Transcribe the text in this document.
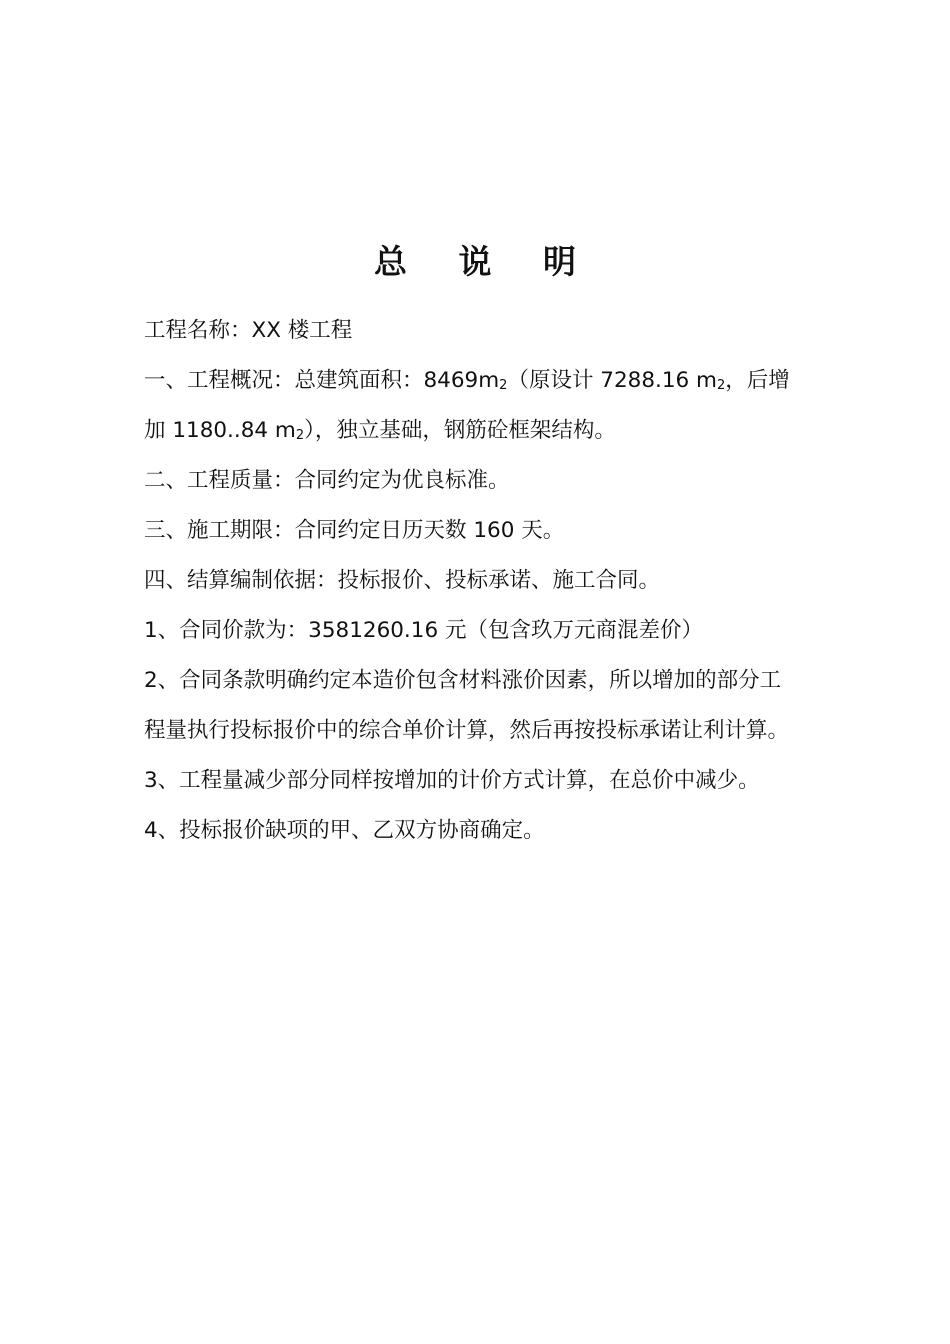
总 说 明
工程名称：XX 楼工程
一、工程概况：总建筑面积：$8469m_2$（原设计 7288.16 $m_2$，后增
加 1180..84 $m_2$），独立基础，钢筋砼框架结构。
二、工程质量：合同约定为优良标准。
三、施工期限：合同约定日历天数 160 天。
四、结算编制依据：投标报价、投标承诺、施工合同。
1、合同价款为：3581260.16 元（包含玖万元商混差价）
2、合同条款明确约定本造价包含材料涨价因素，所以增加的部分工
程量执行投标报价中的综合单价计算，然后再按投标承诺让利计算。
3、工程量减少部分同样按增加的计价方式计算，在总价中减少。
4、投标报价缺项的甲、乙双方协商确定。
